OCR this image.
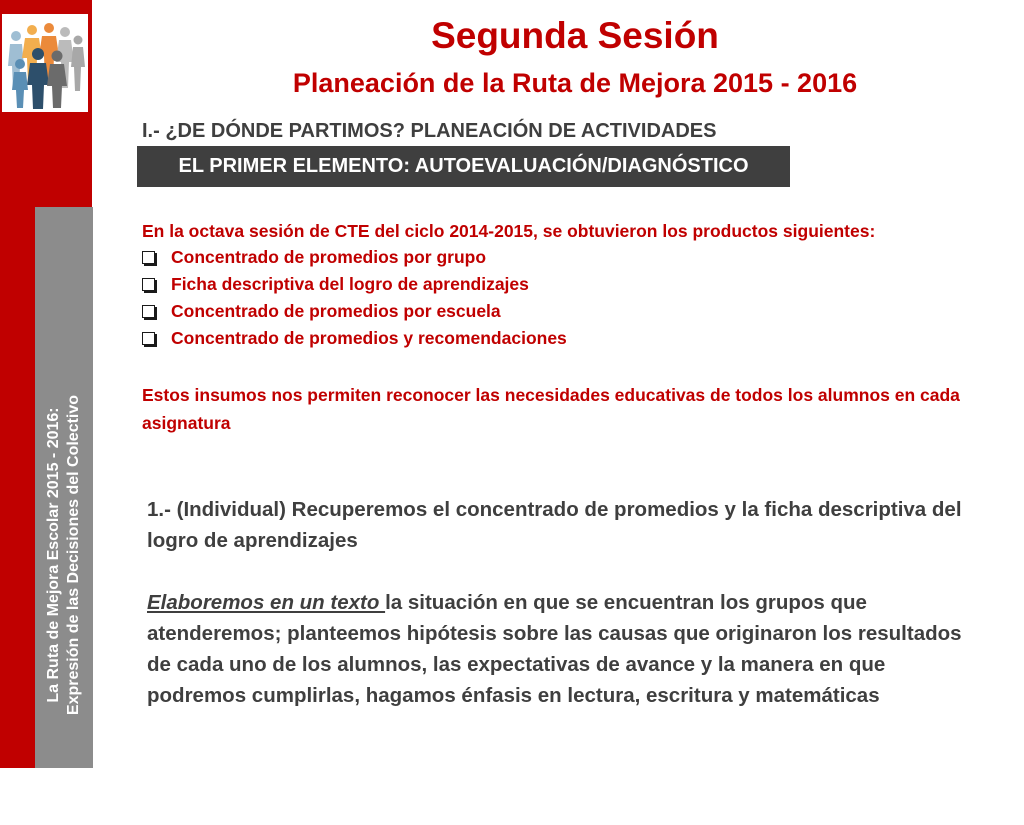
La Ruta de Mejora Escolar 2015 - 2016: Expresión de las Decisiones del Colectivo
Segunda Sesión
Planeación de la Ruta de Mejora 2015 - 2016
I.- ¿DE DÓNDE PARTIMOS? PLANEACIÓN DE ACTIVIDADES
EL PRIMER ELEMENTO: AUTOEVALUACIÓN/DIAGNÓSTICO
En la octava sesión de CTE del ciclo 2014-2015, se obtuvieron los productos siguientes:
Concentrado de promedios por grupo
Ficha descriptiva del logro de aprendizajes
Concentrado de promedios por escuela
Concentrado de promedios y recomendaciones
Estos insumos nos permiten reconocer las necesidades educativas de todos los alumnos en cada asignatura

1.- (Individual) Recuperemos el concentrado de promedios y la ficha descriptiva del logro de aprendizajes

Elaboremos en un texto la situación en que se encuentran los grupos que atenderemos; planteemos hipótesis sobre las causas que originaron los resultados de cada uno de los alumnos, las expectativas de avance y la manera en que podremos cumplirlas, hagamos énfasis en lectura, escritura y matemáticas
